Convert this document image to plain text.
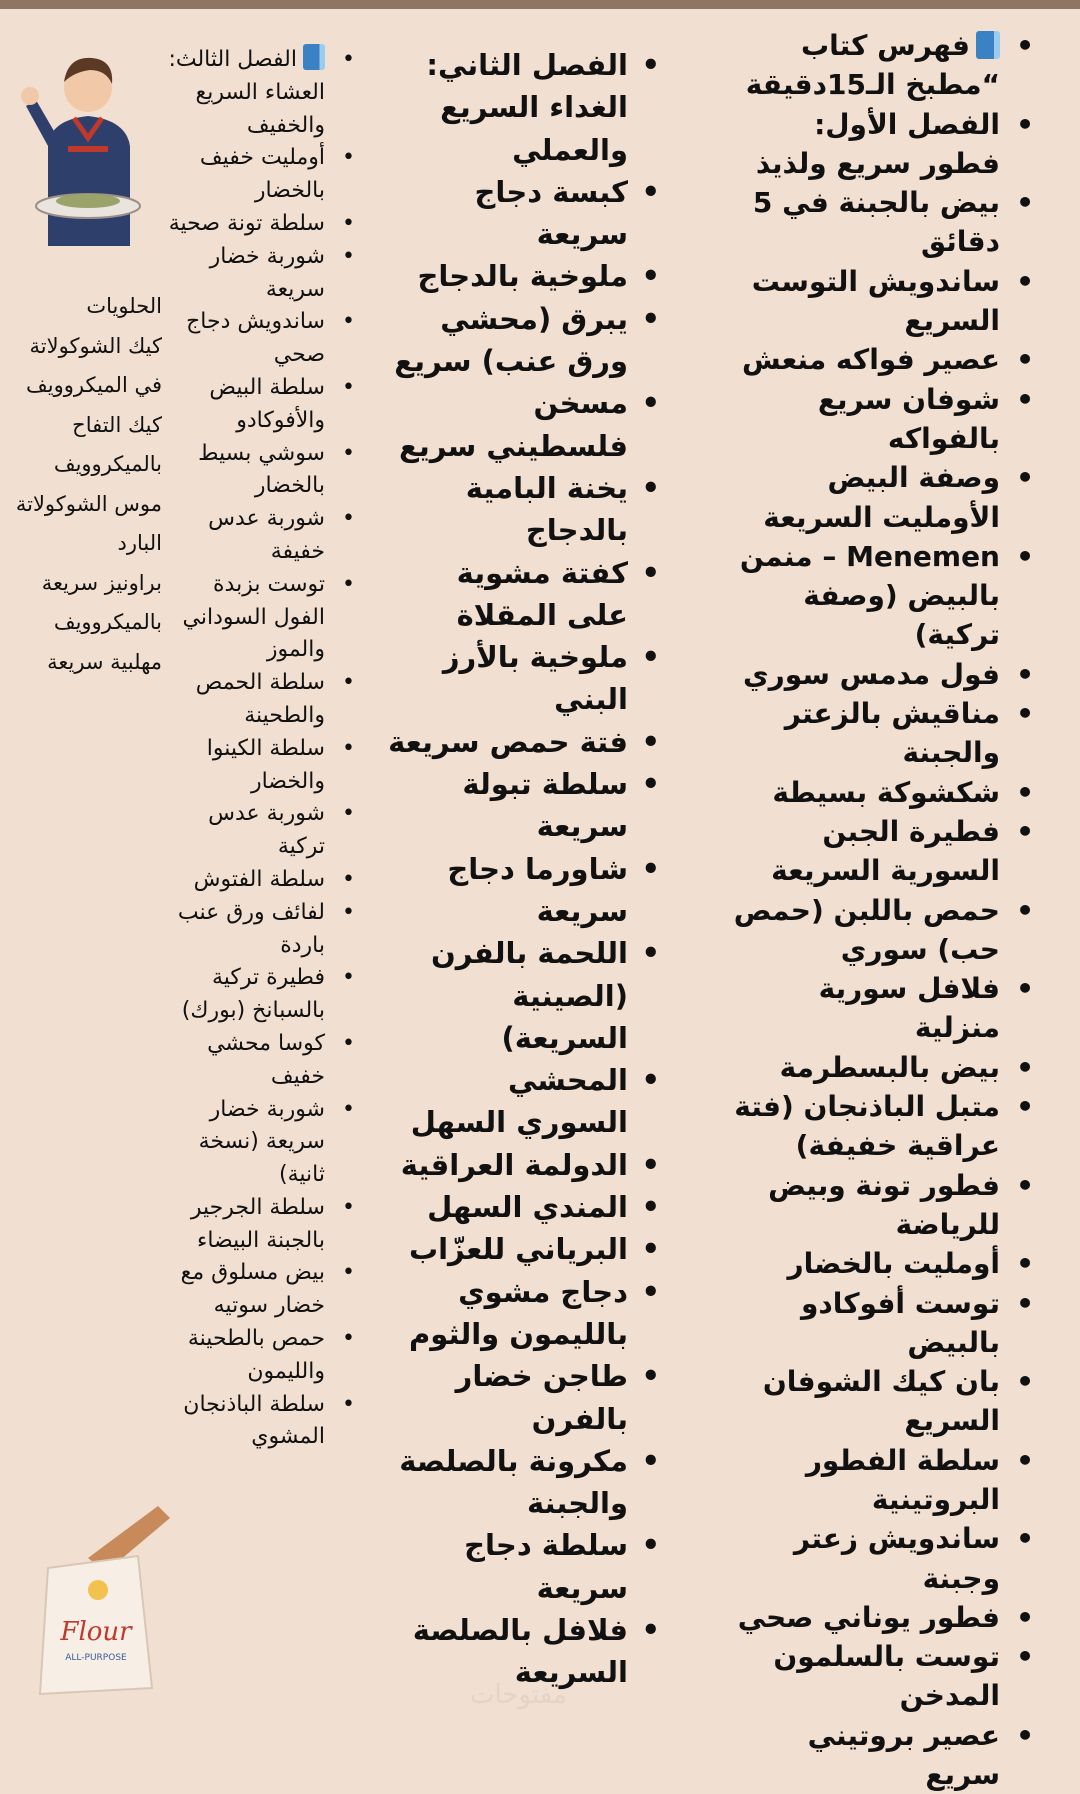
• فهرس كتاب “مطبخ الـ15دقيقة
• الفصل الأول: فطور سريع ولذيذ
• بيض بالجبنة في 5 دقائق
• ساندويش التوست السريع
• عصير فواكه منعش
• شوفان سريع بالفواكه
• وصفة البيض الأومليت السريعة
• Menemen – منمن بالبيض (وصفة تركية)
• فول مدمس سوري
• مناقيش بالزعتر والجبنة
• شكشوكة بسيطة
• فطيرة الجبن السورية السريعة
• حمص باللبن (حمص حب) سوري
• فلافل سورية منزلية
• بيض بالبسطرمة
• متبل الباذنجان (فتة عراقية خفيفة)
• فطور تونة وبيض للرياضة
• أومليت بالخضار
• توست أفوكادو بالبيض
• بان كيك الشوفان السريع
• سلطة الفطور البروتينية
• ساندويش زعتر وجبنة
• فطور يوناني صحي
• توست بالسلمون المدخن
• عصير بروتيني سريع
• الفصل الثاني: الغداء السريع والعملي
• كبسة دجاج سريعة
• ملوخية بالدجاج
• يبرق (محشي ورق عنب) سريع
• مسخن فلسطيني سريع
• يخنة البامية بالدجاج
• كفتة مشوية على المقلاة
• ملوخية بالأرز البني
• فتة حمص سريعة
• سلطة تبولة سريعة
• شاورما دجاج سريعة
• اللحمة بالفرن (الصينية السريعة)
• المحشي السوري السهل
• الدولمة العراقية
• المندي السهل
• البرياني للعزّاب
• دجاج مشوي بالليمون والثوم
• طاجن خضار بالفرن
• مكرونة بالصلصة والجبنة
• سلطة دجاج سريعة
• فلافل بالصلصة السريعة
• الفصل الثالث: العشاء السريع والخفيف
• أومليت خفيف بالخضار
• سلطة تونة صحية
• شوربة خضار سريعة
• ساندويش دجاج صحي
• سلطة البيض والأفوكادو
• سوشي بسيط بالخضار
• شوربة عدس خفيفة
• توست بزبدة الفول السوداني والموز
• سلطة الحمص والطحينة
• سلطة الكينوا والخضار
• شوربة عدس تركية
• سلطة الفتوش
• لفائف ورق عنب باردة
• فطيرة تركية بالسبانخ (بورك)
• كوسا محشي خفيف
• شوربة خضار سريعة (نسخة ثانية)
• سلطة الجرجير بالجبنة البيضاء
• بيض مسلوق مع خضار سوتيه
• حمص بالطحينة والليمون
• سلطة الباذنجان المشوي
الحلويات
كيك الشوكولاتة في الميكروويف
كيك التفاح بالميكروويف
موس الشوكولاتة البارد
براونيز سريعة بالميكروويف
مهلبية سريعة
Flour
ALL-PURPOSE
مفتوحات
